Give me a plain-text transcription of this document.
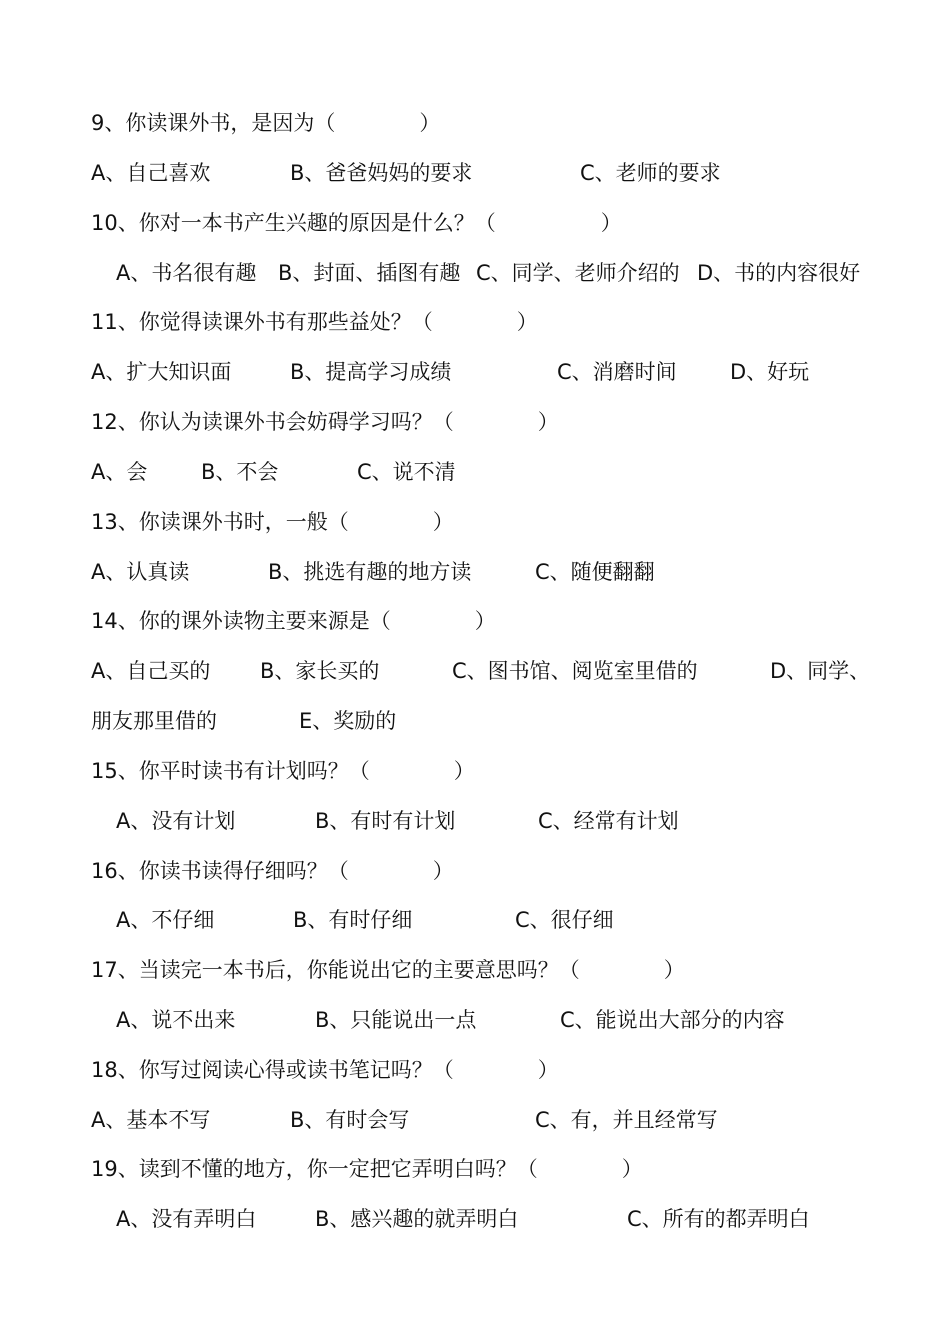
9、你读课外书，是因为（　　　　）
A、自己喜欢	B、爸爸妈妈的要求	C、老师的要求
10、你对一本书产生兴趣的原因是什么？（　　　　　）
A、书名很有趣 B、封面、插图有趣 C、同学、老师介绍的 D、书的内容很好
11、你觉得读课外书有那些益处？（　　　　）
A、扩大知识面	B、提高学习成绩	C、消磨时间	D、好玩
12、你认为读课外书会妨碍学习吗？（　　　　）
A、会	B、不会	C、说不清
13、你读课外书时，一般（　　　　）
A、认真读	B、挑选有趣的地方读	C、随便翻翻
14、你的课外读物主要来源是（　　　　）
A、自己买的 B、家长买的	C、图书馆、阅览室里借的	D、同学、
朋友那里借的	E、奖励的
15、你平时读书有计划吗？（　　　　）
A、没有计划	B、有时有计划	C、经常有计划
16、你读书读得仔细吗？（　　　　）
A、不仔细	B、有时仔细	C、很仔细
17、当读完一本书后，你能说出它的主要意思吗？（　　　　）
A、说不出来	B、只能说出一点	C、能说出大部分的内容
18、你写过阅读心得或读书笔记吗？（　　　　）
A、基本不写	B、有时会写	C、有，并且经常写
19、读到不懂的地方，你一定把它弄明白吗？（　　　　）
A、没有弄明白	B、感兴趣的就弄明白	C、所有的都弄明白
